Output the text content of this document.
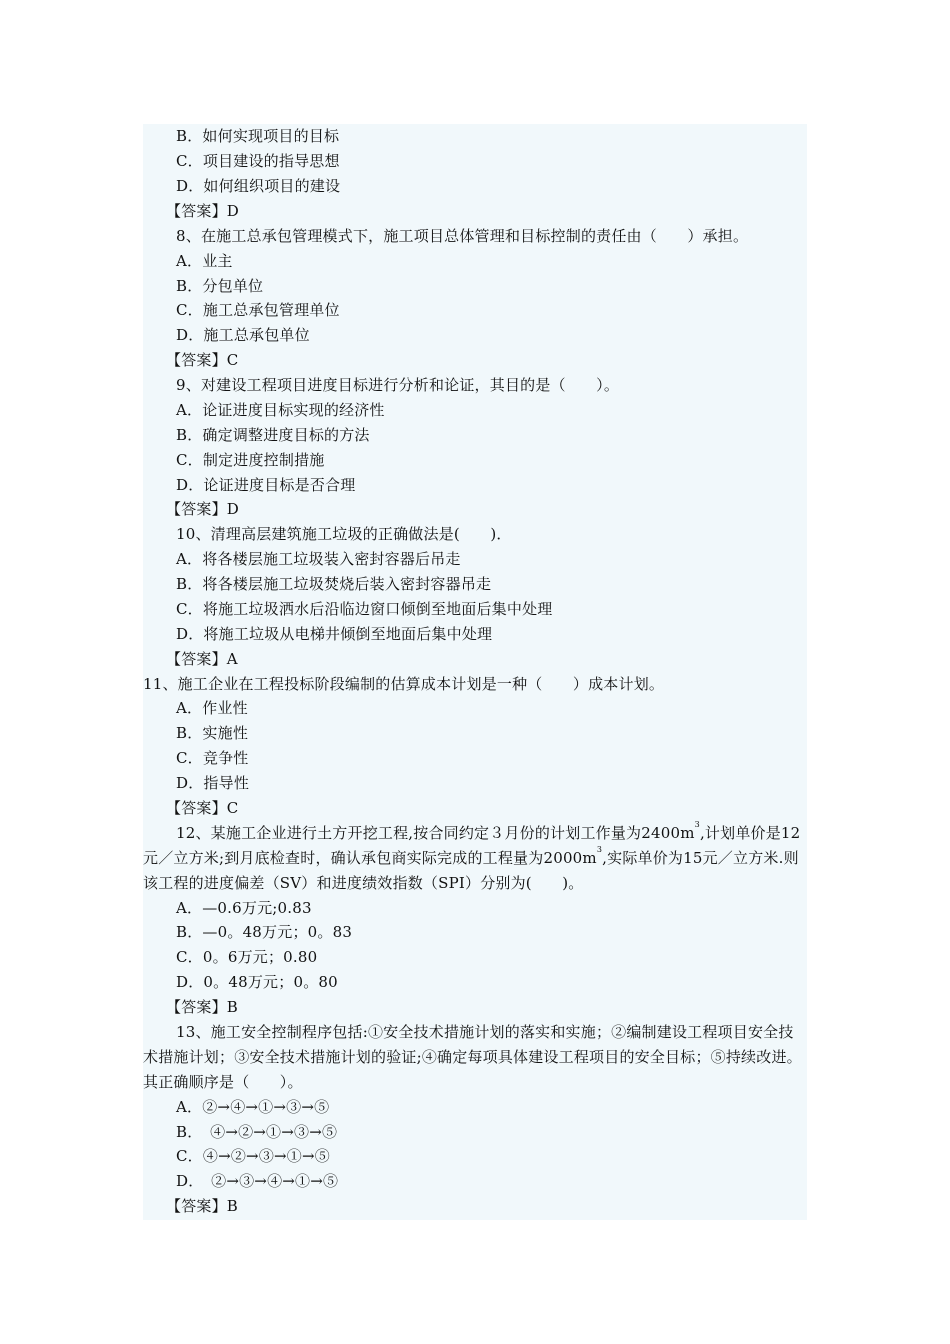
B．如何实现项目的目标
C．项目建设的指导思想
D．如何组织项目的建设
【答案】D
8、在施工总承包管理模式下，施工项目总体管理和目标控制的责任由（　　）承担。
A．业主
B．分包单位
C．施工总承包管理单位
D．施工总承包单位
【答案】C
9、对建设工程项目进度目标进行分析和论证，其目的是（　　）。
A．论证进度目标实现的经济性
B．确定调整进度目标的方法
C．制定进度控制措施
D．论证进度目标是否合理
【答案】D
10、清理高层建筑施工垃圾的正确做法是(　　)．
A．将各楼层施工垃圾装入密封容器后吊走
B．将各楼层施工垃圾焚烧后装入密封容器吊走
C．将施工垃圾洒水后沿临边窗口倾倒至地面后集中处理
D．将施工垃圾从电梯井倾倒至地面后集中处理
【答案】A
11、施工企业在工程投标阶段编制的估算成本计划是一种（　　）成本计划。
A．作业性
B．实施性
C．竞争性
D．指导性
【答案】C
12、某施工企业进行土方开挖工程,按合同约定３月份的计划工作量为$2400m^3$,计划单价是12元／立方米;到月底检查时，确认承包商实际完成的工程量为$2000m^3$,实际单价为15元／立方米.则该工程的进度偏差（SV）和进度绩效指数（SPI）分别为(　　)。
A．—0.6万元;0.83
B．—0。48万元；0。83
C．0。6万元；0.80
D．0。48万元；0。80
【答案】B
13、施工安全控制程序包括:①安全技术措施计划的落实和实施；②编制建设工程项目安全技术措施计划；③安全技术措施计划的验证;④确定每项具体建设工程项目的安全目标；⑤持续改进。其正确顺序是（　　）。
A．②→④→①→③→⑤
B．　④→②→①→③→⑤
C．④→②→③→①→⑤
D．　②→③→④→①→⑤
【答案】B
